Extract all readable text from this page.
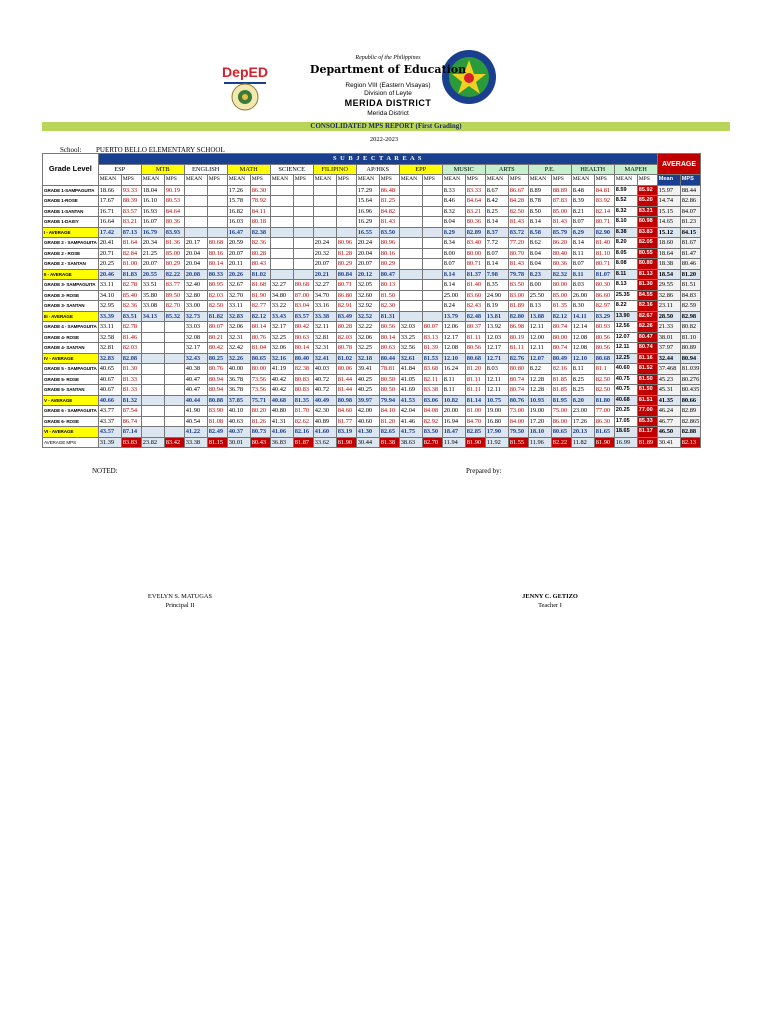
DepED
Republic of the Philippines
Department of Education
Region VIII (Eastern Visayas)
Division of Leyte
MERIDA DISTRICT
Merida District
CONSOLIDATED MPS REPORT (First Grading)
2022-2023
School: PUERTO BELLO ELEMENTARY SCHOOL
Grade Level	S U B J E C T A R E A S																										AVERAGE	
	ESP		MTB		ENGLISH		MATH		SCIENCE		FILIPINO		AP/HKS		EPP		MUSIC		ARTS		P.E.		HEALTH		MAPEH			
	MEAN	MPS	MEAN	MPS	MEAN	MPS	MEAN	MPS	MEAN	MPS	MEAN	MPS	MEAN	MPS	MEAN	MPS	MEAN	MPS	MEAN	MPS	MEAN	MPS	MEAN	MPS	MEAN	MPS	Mean	MPS
GRADE 1-SAMPAGUITA	18.66	93.33	18.04	90.19			17.26	86.30					17.29	86.48			8.33	83.33	8.67	86.67	8.89	88.89	8.48	84.81	8.59	85.92	15.97	88.44
GRADE 1-ROSE	17.67	88.39	16.10	80.53			15.78	78.92					15.64	81.25			8.46	84.64	8.42	84.28	8.78	87.83	8.39	83.92	8.52	85.20	14.74	82.86
GRADE 1-SANTAN	16.71	83.57	16.93	84.64			16.82	84.11					16.96	84.82			8.32	83.21	8.25	82.50	8.50	85.00	8.21	82.14	8.32	83.21	15.15	84.07
GRADE 1-DAISY	16.64	83.21	16.07	80.36			16.03	80.18					16.29	81.43			8.04	80.36	8.14	81.43	8.14	81.43	8.07	80.71	8.10	80.98	14.65	81.23
I - AVERAGE	17.42	87.13	16.79	83.93			16.47	82.38					16.55	83.50			8.29	82.89	8.37	83.72	8.58	85.79	8.29	82.90	8.38	83.83	15.12	84.15
GRADE 2 - SAMPAGUITA	20.41	81.64	20.34	81.36	20.17	80.68	20.59	82.36			20.24	80.96	20.24	80.96			8.34	83.40	7.72	77.20	8.62	86.20	8.14	81.40	8.20	82.05	18.60	81.67
GRADE 2 - ROSE	20.71	82.84	21.25	85.00	20.04	80.16	20.07	80.28			20.32	81.28	20.04	80.16			8.00	80.00	8.07	80.70	8.04	80.40	8.11	81.10	8.05	80.55	18.64	81.47
GRADE 2 - SANTAN	20.25	81.00	20.07	80.29	20.04	80.14	20.11	80.43			20.07	80.29	20.07	80.29			8.07	80.71	8.14	81.43	8.04	80.36	8.07	80.71	8.08	80.80	18.38	80.46
II - AVERAGE	20.46	81.83	20.55	82.22	20.08	80.33	20.26	81.02			20.21	80.84	20.12	80.47			8.14	81.37	7.98	79.78	8.23	82.32	8.11	81.07	8.11	81.13	18.54	81.20
GRADE 3- SAMPAGUITA	33.11	82.78	33.51	83.77	32.40	80.95	32.67	81.68	32.27	80.68	32.27	80.71	32.05	80.13			8.14	81.40	8.35	83.50	8.00	80.00	8.03	80.30	8.13	81.30	29.55	81.51
GRADE 3- ROSE	34.10	85.40	35.80	89.50	32.80	82.03	32.70	81.90	34.80	87.00	34.70	86.80	32.60	81.50			25.00	83.60	24.90	83.00	25.50	85.00	26.00	86.60	25.35	84.55	32.86	84.83
GRADE 3- SANTAN	32.95	82.36	33.08	82.70	33.00	82.50	33.11	82.77	33.22	83.04	33.16	82.91	32.92	82.30			8.24	82.43	8.19	81.89	8.13	81.35	8.30	82.97	8.22	82.16	23.11	82.59
III - AVERAGE	33.39	83.51	34.13	85.32	32.73	81.82	32.83	82.12	33.43	83.57	33.38	83.49	32.52	81.31			13.79	82.48	13.81	82.80	13.88	82.12	14.11	83.29	13.90	82.67	28.50	82.98
GRADE 4 - SAMPAGUITA	33.11	82.78			33.03	80.07	32.06	80.14	32.17	80.42	32.11	80.28	32.22	80.56	32.03	80.07	12.06	80.37	13.92	86.98	12.11	80.74	12.14	80.93	12.56	82.26	21.33	80.82
GRADE 4- ROSE	32.58	81.46			32.08	80.21	32.31	80.76	32.25	80.63	32.81	82.03	32.06	80.14	33.25	83.13	12.17	81.11	12.03	80.19	12.00	80.00	12.08	80.56	12.07	80.47	38.01	81.10
GRADE 4- SANTAN	32.81	82.03			32.17	80.42	32.42	81.04	32.06	80.14	32.31	80.78	32.25	80.63	32.56	81.39	12.08	80.56	12.17	81.11	12.11	80.74	12.08	80.56	12.11	80.74	37.97	80.89
IV - AVERAGE	32.83	82.08			32.43	80.25	32.26	80.65	32.16	80.40	32.41	81.02	32.18	80.44	32.61	81.53	12.10	80.68	12.71	82.76	12.07	80.49	12.10	80.68	12.25	81.16	32.44	80.94
GRADE 5 - SAMPAGUITA	40.65	81.30			40.38	80.76	40.00	80.00	41.19	82.38	40.03	80.06	39.41	78.81	41.84	83.68	16.24	81.20	8.03	80.80	8.22	82.16	8.11	81.1	40.60	81.52	37.468	81.039
GRADE 5- ROSE	40.67	81.33			40.47	80.94	36.78	73.56	40.42	80.83	40.72	81.44	40.25	80.50	41.05	82.11	8.11	81.11	12.11	80.74	12.28	81.85	8.25	82.50	40.75	81.50	45.23	80.276
GRADE 5- SANTAN	40.67	81.33			40.47	80.94	36.78	73.56	40.42	80.83	40.72	81.44	40.25	80.50	41.69	83.38	8.11	81.11	12.11	80.74	12.28	81.85	8.25	82.50	40.75	81.50	45.31	80.435
V - AVERAGE	40.66	81.32			40.44	80.88	37.85	75.71	40.68	81.35	40.49	80.98	39.97	79.94	41.53	83.06	10.82	81.14	10.75	80.76	10.93	81.95	8.20	81.80	40.68	81.51	41.35	80.66
GRADE 6 - SAMPAGUITA	43.77	87.54			41.90	83.90	40.10	80.20	40.80	81.70	42.30	84.60	42.00	84.10	42.04	84.08	20.00	81.00	19.00	73.00	19.00	75.00	23.00	77.00	20.25	77.00	46.24	82.89
GRADE 6- ROSE	43.37	86.74			40.54	81.08	40.63	81.26	41.31	82.62	40.89	81.77	40.60	81.20	41.46	82.92	16.94	84.70	16.80	84.00	17.20	86.00	17.26	86.30	17.05	85.33	46.77	82.865
VI - AVERAGE	43.57	87.14			41.22	82.49	40.37	80.73	41.06	82.16	41.60	83.19	41.30	82.65	41.75	83.50	18.47	82.85	17.90	79.50	18.10	80.65	20.13	81.65	18.65	81.17	46.50	82.88
AVERAGE MPS	31.39	83.83	23.82	83.42	33.38	81.15	30.01	80.43	36.83	81.87	33.62	81.90	30.44	81.38	38.63	82.70	11.94	81.90	11.92	81.55	11.96	82.22	11.82	81.90	16.99	81.89	30.41	82.13
NOTED:	Prepared by:
EVELYN S. MATUGAS
Principal II
JENNY C. GETIZO
Teacher I
